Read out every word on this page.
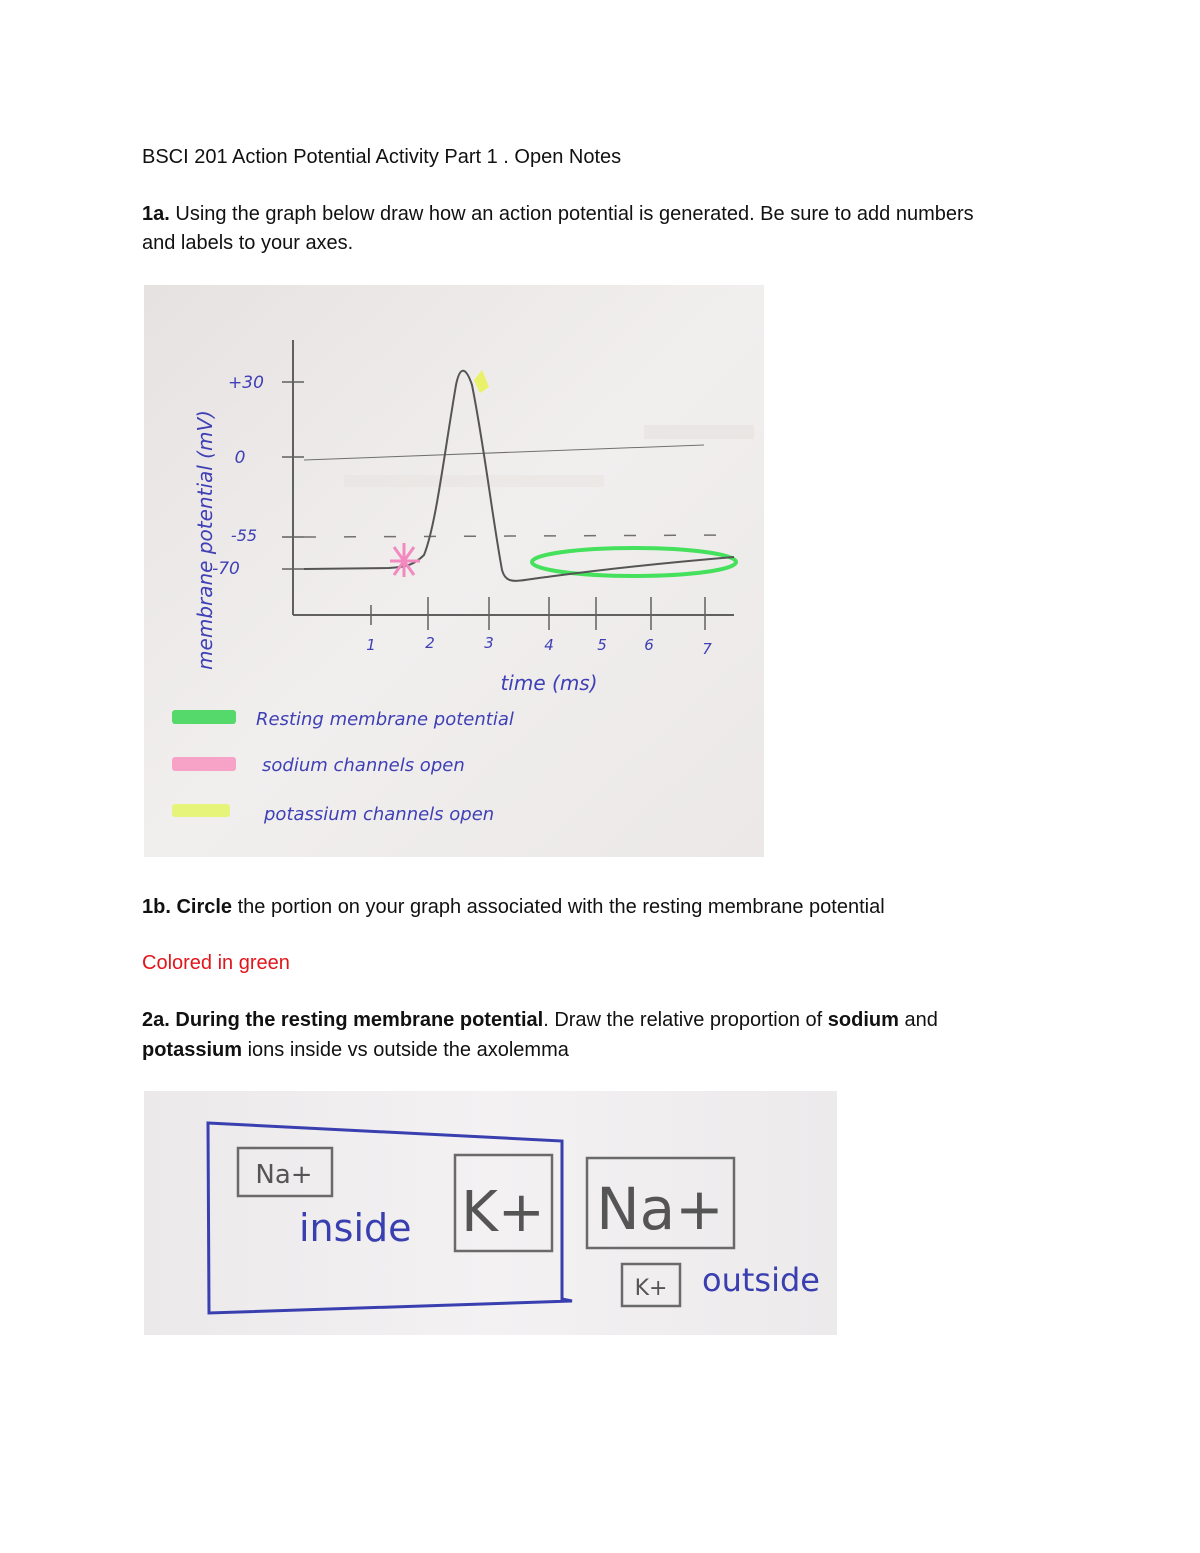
BSCI 201 Action Potential Activity Part 1 . Open Notes
1a. Using the graph below draw how an action potential is generated. Be sure to add numbers
and labels to your axes.
membrane potential (mV)
+30
0
-55
-70
1	2	3	4	5 6	7
time (ms)
Resting membrane potential
sodium channels open
potassium channels open
1b. Circle the portion on your graph associated with the resting membrane potential
Colored in green
2a. During the resting membrane potential. Draw the relative proportion of sodium and
potassium ions inside vs outside the axolemma
Na+
inside K+ Na+
K+ outside
